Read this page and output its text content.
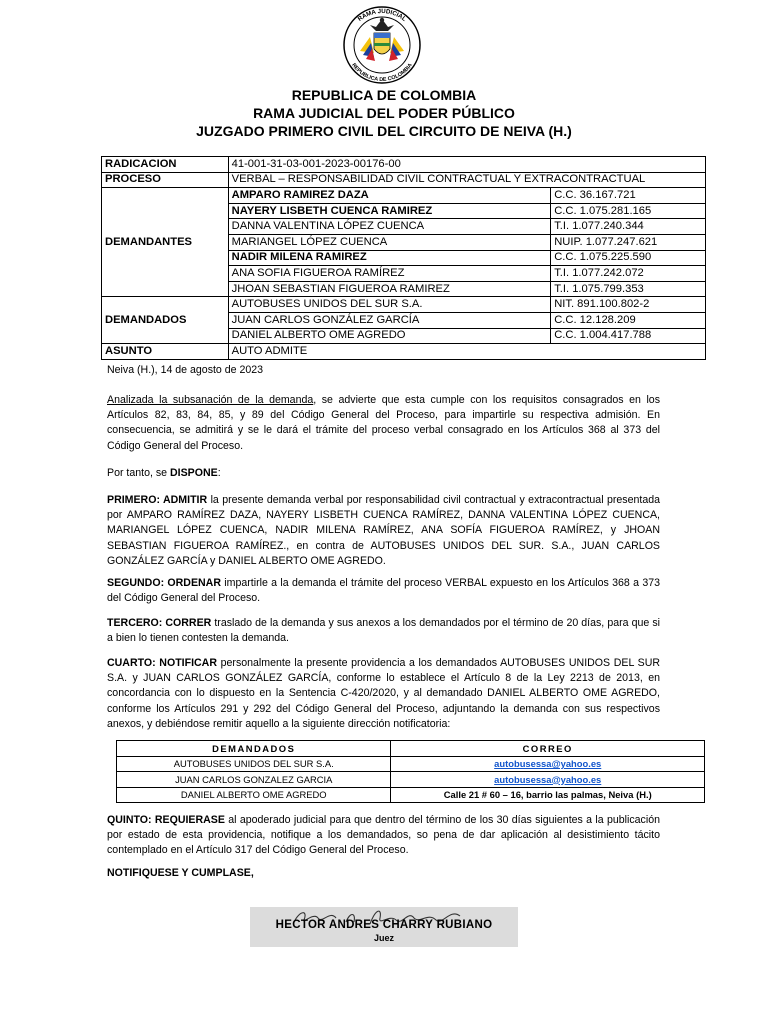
RAMA JUDICIAL
REPUBLICA DE COLOMBIA
REPUBLICA DE COLOMBIA
RAMA JUDICIAL DEL PODER PÚBLICO
JUZGADO PRIMERO CIVIL DEL CIRCUITO DE NEIVA (H.)
RADICACION	41-001-31-03-001-2023-00176-00	
PROCESO	VERBAL – RESPONSABILIDAD CIVIL CONTRACTUAL Y EXTRACONTRACTUAL	
DEMANDANTES	AMPARO RAMIREZ DAZA	C.C. 36.167.721
	NAYERY LISBETH CUENCA RAMIREZ	C.C. 1.075.281.165
	DANNA VALENTINA LÓPEZ CUENCA	T.I. 1.077.240.344
	MARIANGEL LÓPEZ CUENCA	NUIP. 1.077.247.621
	NADIR MILENA RAMIREZ	C.C. 1.075.225.590
	ANA SOFIA FIGUEROA RAMÍREZ	T.I. 1.077.242.072
	JHOAN SEBASTIAN FIGUEROA RAMIREZ	T.I. 1.075.799.353
DEMANDADOS	AUTOBUSES UNIDOS DEL SUR S.A.	NIT. 891.100.802-2
	JUAN CARLOS GONZÁLEZ GARCÍA	C.C. 12.128.209
	DANIEL ALBERTO OME AGREDO	C.C. 1.004.417.788
ASUNTO	AUTO ADMITE	
Neiva (H.), 14 de agosto de 2023
Analizada la subsanación de la demanda, se advierte que esta cumple con los requisitos consagrados en los Artículos 82, 83, 84, 85, y 89 del Código General del Proceso, para impartirle su respectiva admisión. En consecuencia, se admitirá y se le dará el trámite del proceso verbal consagrado en los Artículos 368 al 373 del Código General del Proceso.
Por tanto, se DISPONE:
PRIMERO: ADMITIR la presente demanda verbal por responsabilidad civil contractual y extracontractual presentada por AMPARO RAMÍREZ DAZA, NAYERY LISBETH CUENCA RAMÍREZ, DANNA VALENTINA LÓPEZ CUENCA, MARIANGEL LÓPEZ CUENCA, NADIR MILENA RAMÍREZ, ANA SOFÍA FIGUEROA RAMÍREZ, y JHOAN SEBASTIAN FIGUEROA RAMÍREZ., en contra de AUTOBUSES UNIDOS DEL SUR. S.A., JUAN CARLOS GONZÁLEZ GARCÍA y DANIEL ALBERTO OME AGREDO.
SEGUNDO: ORDENAR impartirle a la demanda el trámite del proceso VERBAL expuesto en los Artículos 368 a 373 del Código General del Proceso.
TERCERO: CORRER traslado de la demanda y sus anexos a los demandados por el término de 20 días, para que si a bien lo tienen contesten la demanda.
CUARTO: NOTIFICAR personalmente la presente providencia a los demandados AUTOBUSES UNIDOS DEL SUR S.A. y JUAN CARLOS GONZÁLEZ GARCÍA, conforme lo establece el Artículo 8 de la Ley 2213 de 2013, en concordancia con lo dispuesto en la Sentencia C-420/2020, y al demandado DANIEL ALBERTO OME AGREDO, conforme los Artículos 291 y 292 del Código General del Proceso, adjuntando la demanda con sus respectivos anexos, y debiéndose remitir aquello a la siguiente dirección notificatoria:
DEMANDADOS	CORREO
AUTOBUSES UNIDOS DEL SUR S.A.	autobusessa@yahoo.es
JUAN CARLOS GONZALEZ GARCIA	autobusessa@yahoo.es
DANIEL ALBERTO OME AGREDO	Calle 21 # 60 – 16, barrio las palmas, Neiva (H.)
QUINTO: REQUIERASE al apoderado judicial para que dentro del término de los 30 días siguientes a la publicación por estado de esta providencia, notifique a los demandados, so pena de dar aplicación al desistimiento tácito contemplado en el Artículo 317 del Código General del Proceso.
NOTIFIQUESE Y CUMPLASE,
HECTOR ANDRES CHARRY RUBIANO
Juez
